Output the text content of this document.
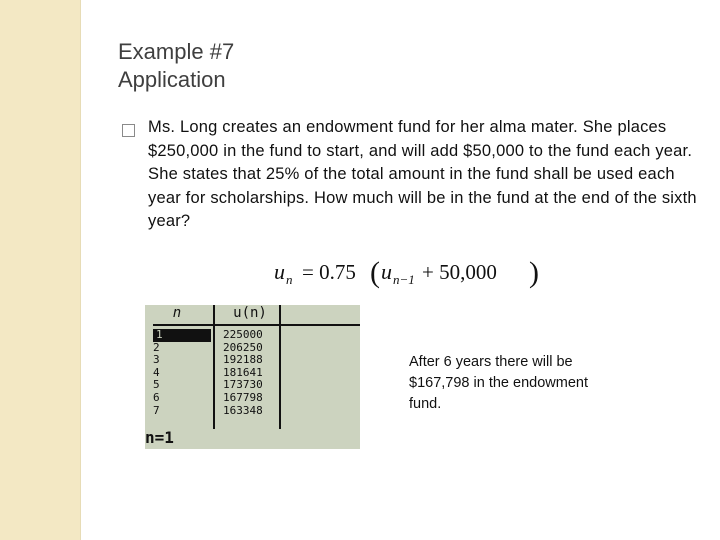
Example #7
Application
Ms. Long creates an endowment fund for her alma mater. She places $250,000 in the fund to start, and will add $50,000 to the fund each year. She states that 25% of the total amount in the fund shall be used each year for scholarships. How much will be in the fund at the end of the sixth year?
u n = 0.75 ( u n−1 + 50,000 )
n	u(n)
1
2
3
4
5
6
7
225000
206250
192188
181641
173730
167798
163348
n=1
After 6 years there will be $167,798 in the endowment fund.
